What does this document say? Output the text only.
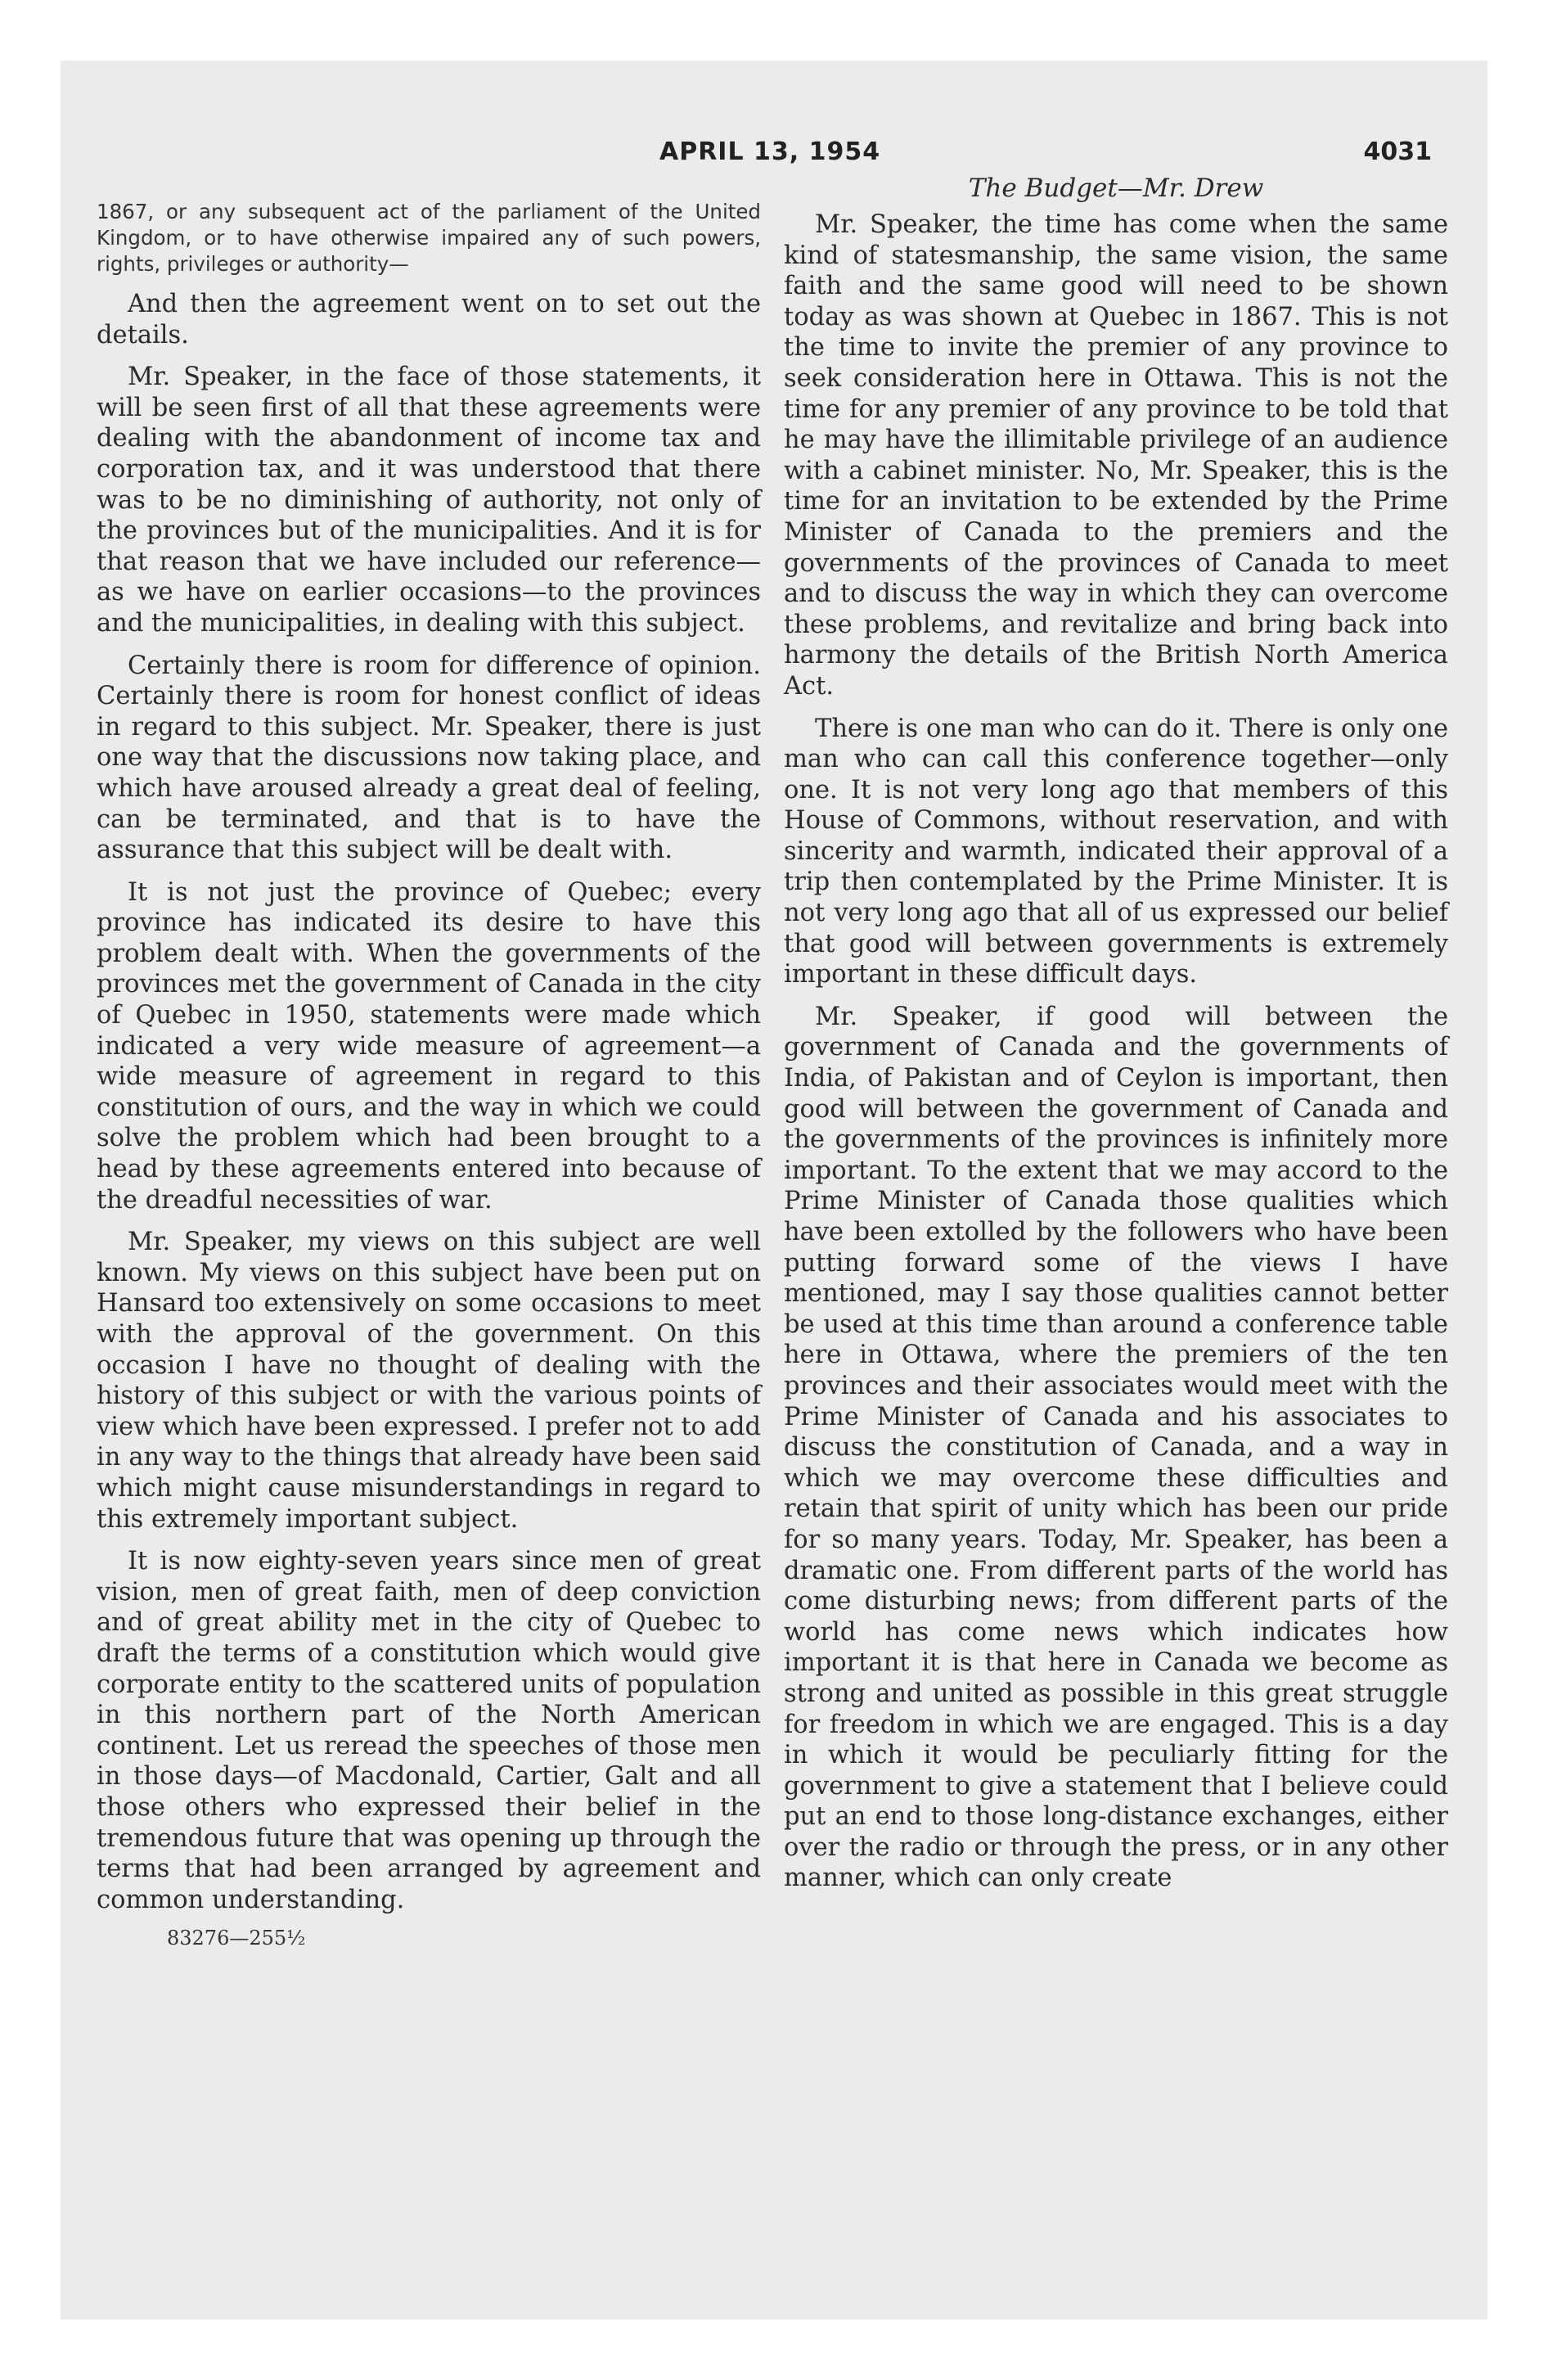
APRIL 13, 1954	4031

1867, or any subsequent act of the parliament of the United Kingdom, or to have otherwise impaired any of such powers, rights, privileges or authority—

And then the agreement went on to set out the details.

Mr. Speaker, in the face of those statements, it will be seen first of all that these agreements were dealing with the abandonment of income tax and corporation tax, and it was understood that there was to be no diminishing of authority, not only of the provinces but of the municipalities. And it is for that reason that we have included our reference—as we have on earlier occasions—to the provinces and the municipalities, in dealing with this subject.

Certainly there is room for difference of opinion. Certainly there is room for honest conflict of ideas in regard to this subject. Mr. Speaker, there is just one way that the discussions now taking place, and which have aroused already a great deal of feeling, can be terminated, and that is to have the assurance that this subject will be dealt with.

It is not just the province of Quebec; every province has indicated its desire to have this problem dealt with. When the governments of the provinces met the government of Canada in the city of Quebec in 1950, statements were made which indicated a very wide measure of agreement—a wide measure of agreement in regard to this constitution of ours, and the way in which we could solve the problem which had been brought to a head by these agreements entered into because of the dreadful necessities of war.

Mr. Speaker, my views on this subject are well known. My views on this subject have been put on Hansard too extensively on some occasions to meet with the approval of the government. On this occasion I have no thought of dealing with the history of this subject or with the various points of view which have been expressed. I prefer not to add in any way to the things that already have been said which might cause misunderstandings in regard to this extremely important subject.

It is now eighty-seven years since men of great vision, men of great faith, men of deep conviction and of great ability met in the city of Quebec to draft the terms of a constitution which would give corporate entity to the scattered units of population in this northern part of the North American continent. Let us reread the speeches of those men in those days—of Macdonald, Cartier, Galt and all those others who expressed their belief in the tremendous future that was opening up through the terms that had been arranged by agreement and common understanding.

83276—255½
The Budget—Mr. Drew

Mr. Speaker, the time has come when the same kind of statesmanship, the same vision, the same faith and the same good will need to be shown today as was shown at Quebec in 1867. This is not the time to invite the premier of any province to seek consideration here in Ottawa. This is not the time for any premier of any province to be told that he may have the illimitable privilege of an audience with a cabinet minister. No, Mr. Speaker, this is the time for an invitation to be extended by the Prime Minister of Canada to the premiers and the governments of the provinces of Canada to meet and to discuss the way in which they can overcome these problems, and revitalize and bring back into harmony the details of the British North America Act.

There is one man who can do it. There is only one man who can call this conference together—only one. It is not very long ago that members of this House of Commons, without reservation, and with sincerity and warmth, indicated their approval of a trip then contemplated by the Prime Minister. It is not very long ago that all of us expressed our belief that good will between governments is extremely important in these difficult days.

Mr. Speaker, if good will between the government of Canada and the governments of India, of Pakistan and of Ceylon is important, then good will between the government of Canada and the governments of the provinces is infinitely more important. To the extent that we may accord to the Prime Minister of Canada those qualities which have been extolled by the followers who have been putting forward some of the views I have mentioned, may I say those qualities cannot better be used at this time than around a conference table here in Ottawa, where the premiers of the ten provinces and their associates would meet with the Prime Minister of Canada and his associates to discuss the constitution of Canada, and a way in which we may overcome these difficulties and retain that spirit of unity which has been our pride for so many years. Today, Mr. Speaker, has been a dramatic one. From different parts of the world has come disturbing news; from different parts of the world has come news which indicates how important it is that here in Canada we become as strong and united as possible in this great struggle for freedom in which we are engaged. This is a day in which it would be peculiarly fitting for the government to give a statement that I believe could put an end to those long-distance exchanges, either over the radio or through the press, or in any other manner, which can only create
